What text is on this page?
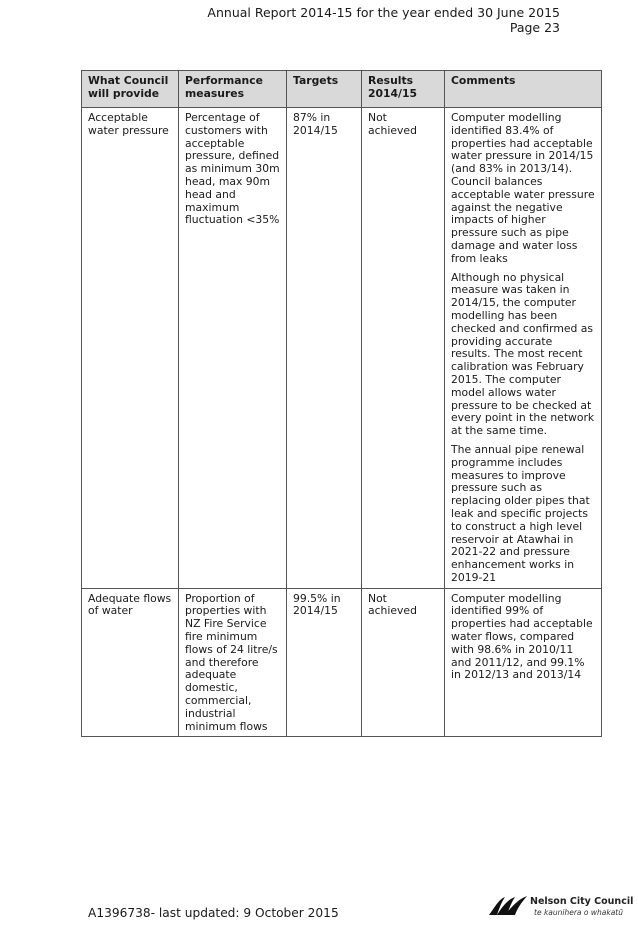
Annual Report 2014-15 for the year ended 30 June 2015
Page 23
What Council will provide	Performance measures	Targets	Results 2014/15	Comments
Acceptable water pressure	Percentage of customers with acceptable pressure, defined as minimum 30m head, max 90m head and maximum fluctuation <35%	87% in 2014/15	Not achieved	Computer modelling identified 83.4% of properties had acceptable water pressure in 2014/15 (and 83% in 2013/14). Council balances acceptable water pressure against the negative impacts of higher pressure such as pipe damage and water loss from leaks

Although no physical measure was taken in 2014/15, the computer modelling has been checked and confirmed as providing accurate results. The most recent calibration was February 2015. The computer model allows water pressure to be checked at every point in the network at the same time.

The annual pipe renewal programme includes measures to improve pressure such as replacing older pipes that leak and specific projects to construct a high level reservoir at Atawhai in 2021-22 and pressure enhancement works in 2019-21

Adequate flows of water	Proportion of properties with NZ Fire Service fire minimum flows of 24 litre/s and therefore adequate domestic, commercial, industrial minimum flows	99.5% in 2014/15	Not achieved	Computer modelling identified 99% of properties had acceptable water flows, compared with 98.6% in 2010/11 and 2011/12, and 99.1% in 2012/13 and 2013/14

A1396738- last updated: 9 October 2015
Nelson City Council
te kaunihera o whakatū
